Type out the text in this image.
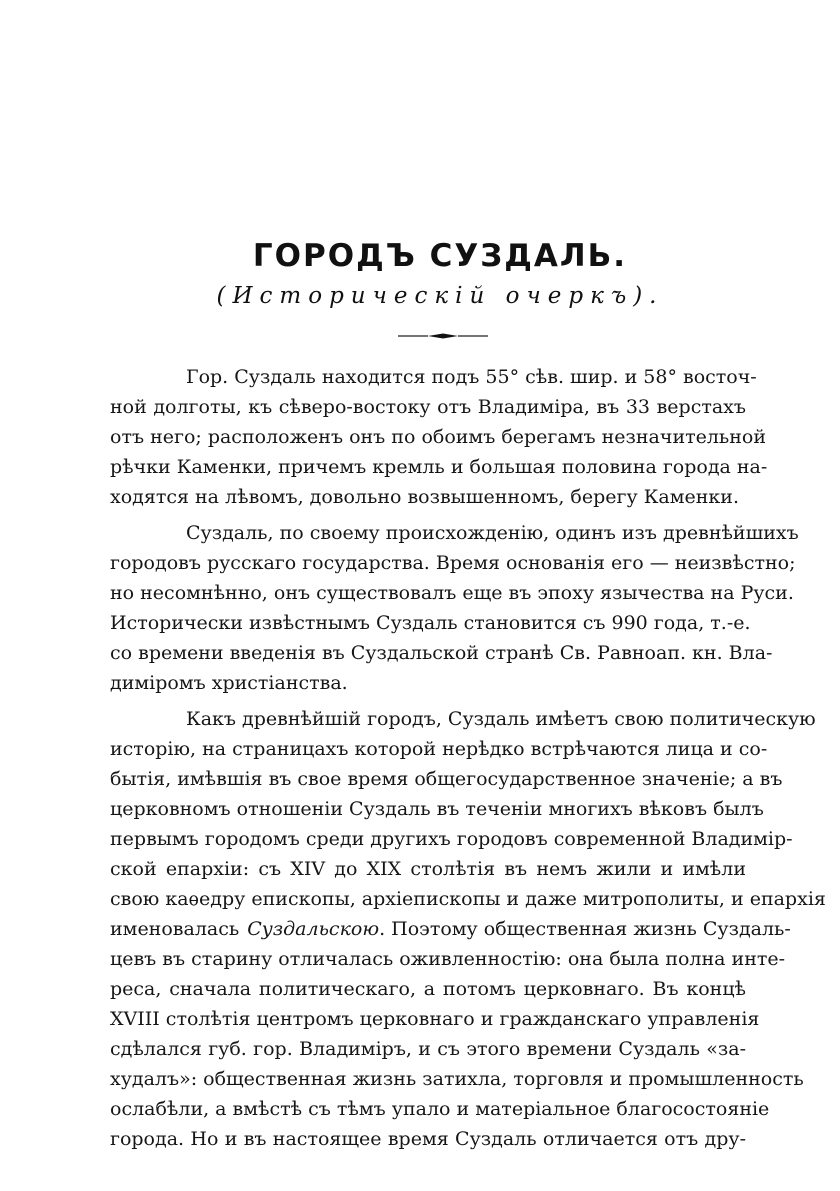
ГОРОДЪ СУЗДАЛЬ.
(Историческій очеркъ).
Гор. Суздаль находится подъ 55° сѣв. шир. и 58° восточ-
ной долготы, къ сѣверо-востоку отъ Владиміра, въ 33 верстахъ
отъ него; расположенъ онъ по обоимъ берегамъ незначительной
рѣчки Каменки, причемъ кремль и большая половина города на-
ходятся на лѣвомъ, довольно возвышенномъ, берегу Каменки.
Суздаль, по своему происхожденію, одинъ изъ древнѣйшихъ
городовъ русскаго государства. Время основанія его — неизвѣстно;
но несомнѣнно, онъ существовалъ еще въ эпоху язычества на Руси.
Исторически извѣстнымъ Суздаль становится съ 990 года, т.-е.
со времени введенія въ Суздальской странѣ Св. Равноап. кн. Вла-
диміромъ христіанства.
Какъ древнѣйшій городъ, Суздаль имѣетъ свою политическую
исторію, на страницахъ которой нерѣдко встрѣчаются лица и со-
бытія, имѣвшія въ свое время общегосударственное значеніе; а въ
церковномъ отношеніи Суздаль въ теченіи многихъ вѣковъ былъ
первымъ городомъ среди другихъ городовъ современной Владимір-
ской епархіи: съ XIV до XIX столѣтія въ немъ жили и имѣли
свою каѳедру епископы, архіепископы и даже митрополиты, и епархія
именовалась Суздальскою . Поэтому общественная жизнь Суздаль-
цевъ въ старину отличалась оживленностію: она была полна инте-
реса, сначала политическаго, а потомъ церковнаго. Въ концѣ
XVIII столѣтія центромъ церковнаго и гражданскаго управленія
сдѣлался губ. гор. Владиміръ, и съ этого времени Суздаль «за-
худалъ»: общественная жизнь затихла, торговля и промышленность
ослабѣли, а вмѣстѣ съ тѣмъ упало и матеріальное благосостояніе
города. Но и въ настоящее время Суздаль отличается отъ дру-
